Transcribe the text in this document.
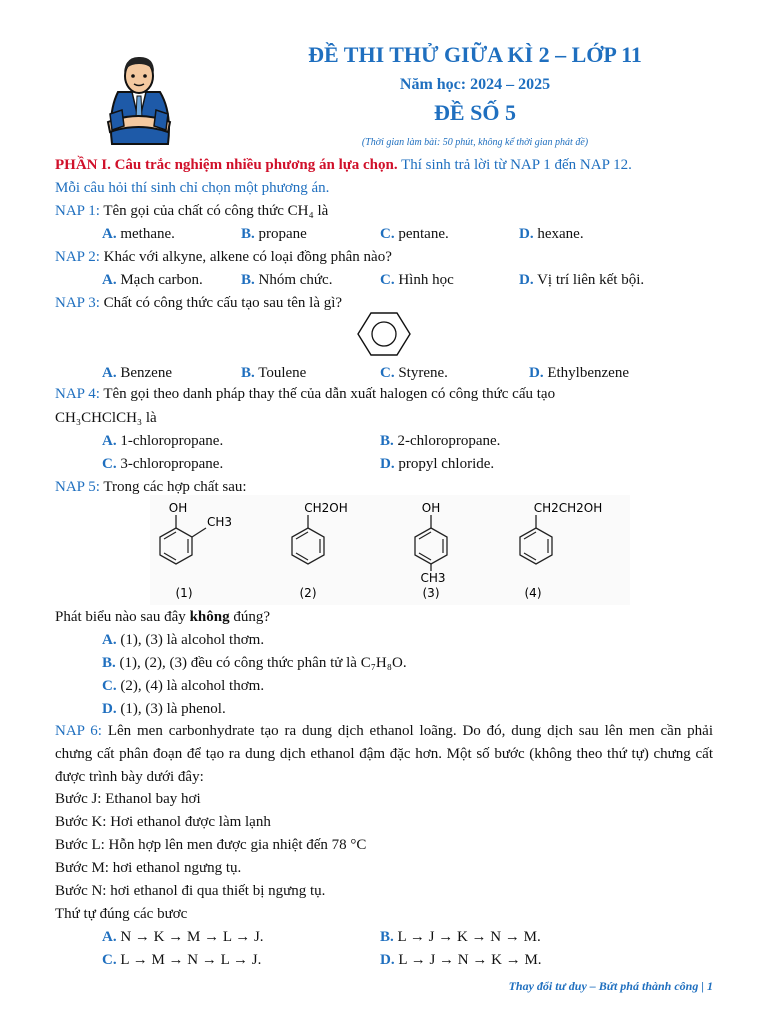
ĐỀ THI THỬ GIỮA KÌ 2 – LỚP 11
Năm học: 2024 – 2025
ĐỀ SỐ 5
(Thời gian làm bài: 50 phút, không kể thời gian phát đề)
PHẦN I. Câu trắc nghiệm nhiều phương án lựa chọn. Thí sinh trả lời từ NAP 1 đến NAP 12.
Mỗi câu hỏi thí sinh chỉ chọn một phương án.
NAP 1: Tên gọi của chất có công thức CH₄ là
A. methane.	B. propane	C. pentane.	D. hexane.
NAP 2: Khác với alkyne, alkene có loại đồng phân nào?
A. Mạch carbon.	B. Nhóm chức.	C. Hình học	D. Vị trí liên kết bội.
NAP 3: Chất có công thức cấu tạo sau tên là gì?
A. Benzene	B. Toulene	C. Styrene.	D. Ethylbenzene
NAP 4: Tên gọi theo danh pháp thay thế của dẫn xuất halogen có công thức cấu tạo
CH₃CHClCH₃ là
A. 1-chloropropane.	B. 2-chloropropane.
C. 3-chloropropane.	D. propyl chloride.
NAP 5: Trong các hợp chất sau:
OH
CH3
(1)
CH2OH
(2)
OH
CH3
(3)
CH2CH2OH
(4)
Phát biểu nào sau đây không đúng?
A. (1), (3) là alcohol thơm.
B. (1), (2), (3) đều có công thức phân tử là C₇H₈O.
C. (2), (4) là alcohol thơm.
D. (1), (3) là phenol.
NAP 6: Lên men carbonhydrate tạo ra dung dịch ethanol loãng. Do đó, dung dịch sau lên men cần phải chưng cất phân đoạn để tạo ra dung dịch ethanol đậm đặc hơn. Một số bước (không theo thứ tự) chưng cất được trình bày dưới đây:
Bước J: Ethanol bay hơi
Bước K: Hơi ethanol được làm lạnh
Bước L: Hỗn hợp lên men được gia nhiệt đến 78 °C
Bước M: hơi ethanol ngưng tụ.
Bước N: hơi ethanol đi qua thiết bị ngưng tụ.
Thứ tự đúng các bươc
A. N → K → M → L → J.	B. L → J → K → N → M.
C. L → M → N → L → J.	D. L → J → N → K → M.
Thay đổi tư duy – Bứt phá thành công | 1
